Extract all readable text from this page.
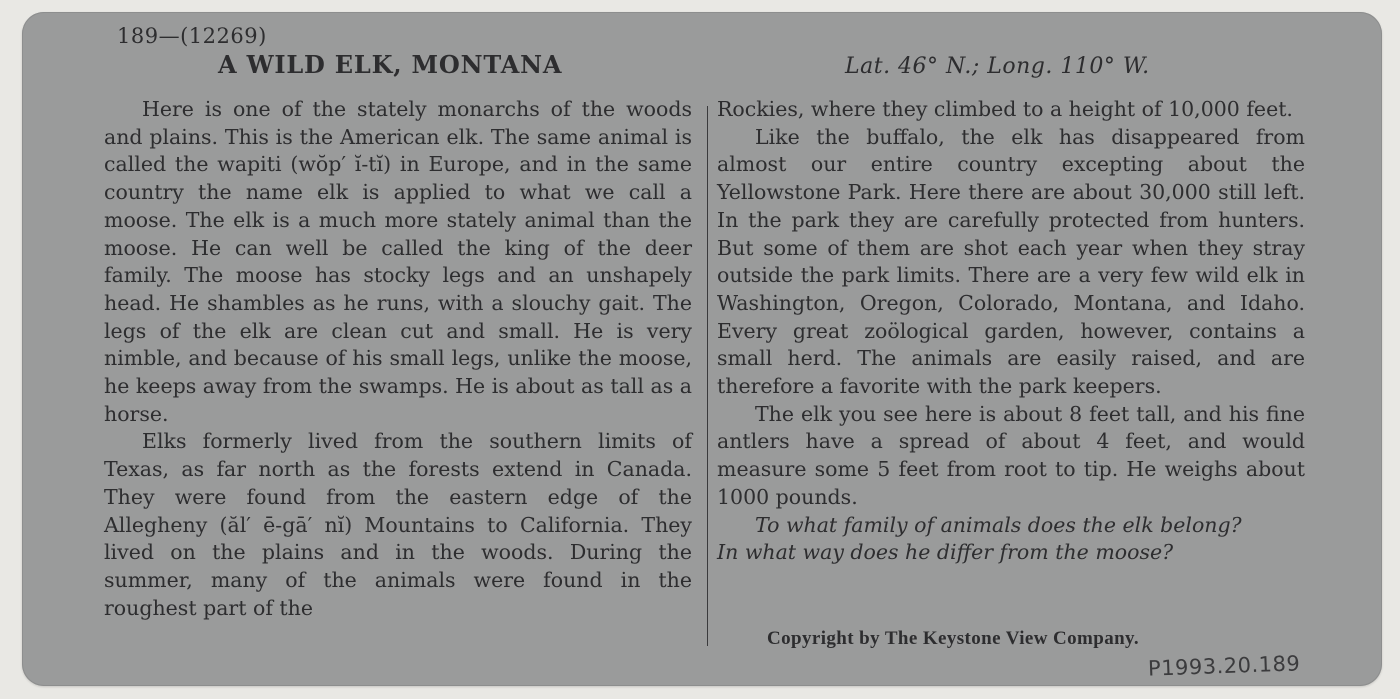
189—(12269)
A WILD ELK, MONTANA	Lat. 46° N.; Long. 110° W.

Here is one of the stately monarchs of the woods and plains. This is the American elk. The same animal is called the wapiti (wŏp′ ĭ-tĭ) in Europe, and in the same country the name elk is applied to what we call a moose. The elk is a much more stately animal than the moose. He can well be called the king of the deer family. The moose has stocky legs and an unshapely head. He shambles as he runs, with a slouchy gait. The legs of the elk are clean cut and small. He is very nimble, and because of his small legs, unlike the moose, he keeps away from the swamps. He is about as tall as a horse.

Elks formerly lived from the southern limits of Texas, as far north as the forests extend in Canada. They were found from the eastern edge of the Allegheny (ăl′ ē-gā′ nĭ) Mountains to California. They lived on the plains and in the woods. During the summer, many of the animals were found in the roughest part of the

Rockies, where they climbed to a height of 10,000 feet.

Like the buffalo, the elk has disappeared from almost our entire country excepting about the Yellowstone Park. Here there are about 30,000 still left. In the park they are carefully protected from hunters. But some of them are shot each year when they stray outside the park limits. There are a very few wild elk in Washington, Oregon, Colorado, Montana, and Idaho. Every great zoölogical garden, however, contains a small herd. The animals are easily raised, and are therefore a favorite with the park keepers.

The elk you see here is about 8 feet tall, and his fine antlers have a spread of about 4 feet, and would measure some 5 feet from root to tip. He weighs about 1000 pounds.

To what family of animals does the elk belong?

In what way does he differ from the moose?

Copyright by The Keystone View Company.
P1993.20.189
